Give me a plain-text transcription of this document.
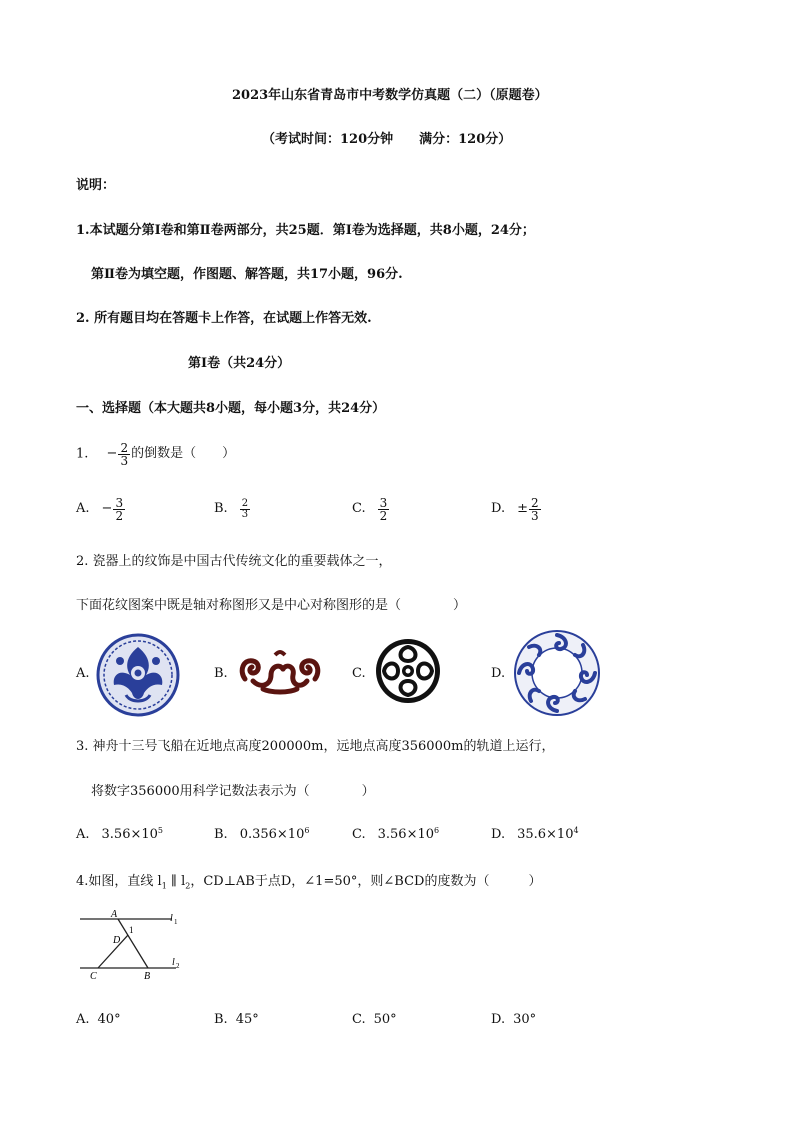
2023年山东省青岛市中考数学仿真题（二）（原题卷）
（考试时间：120分钟　　满分：120分）
说明：
1.本试题分第Ⅰ卷和第Ⅱ卷两部分，共25题．第Ⅰ卷为选择题，共8小题，24分；
第Ⅱ卷为填空题，作图题、解答题，共17小题，96分.
2. 所有题目均在答题卡上作答，在试题上作答无效.
第Ⅰ卷（共24分）
一、选择题（本大题共8小题，每小题3分，共24分）
1. − $\frac{2}{3}$ 的倒数是（　　）
A. − $\frac{3}{2}$	B. $\frac{2}{3}$	C. $\frac{3}{2}$	D. ± $\frac{2}{3}$
2. 瓷器上的纹饰是中国古代传统文化的重要载体之一，
下面花纹图案中既是轴对称图形又是中心对称图形的是（　　　　）
A.	B.	C.	D.
3. 神舟十三号飞船在近地点高度200000m，远地点高度356000m的轨道上运行，
将数字356000用科学记数法表示为（　　　　）
A. $3.56\times 10^5$	B. $0.356\times 10^6$	C. $3.56\times 10^6$	D. $35.6\times 10^4$
4.如图，直线 $l_1$ ∥ $l_2$，CD⊥AB于点D，∠1=50°，则∠BCD的度数为（　　　）
A
1
l 1
D
C	B
l 2
A. 40°	B. 45°	C. 50°	D. 30°
